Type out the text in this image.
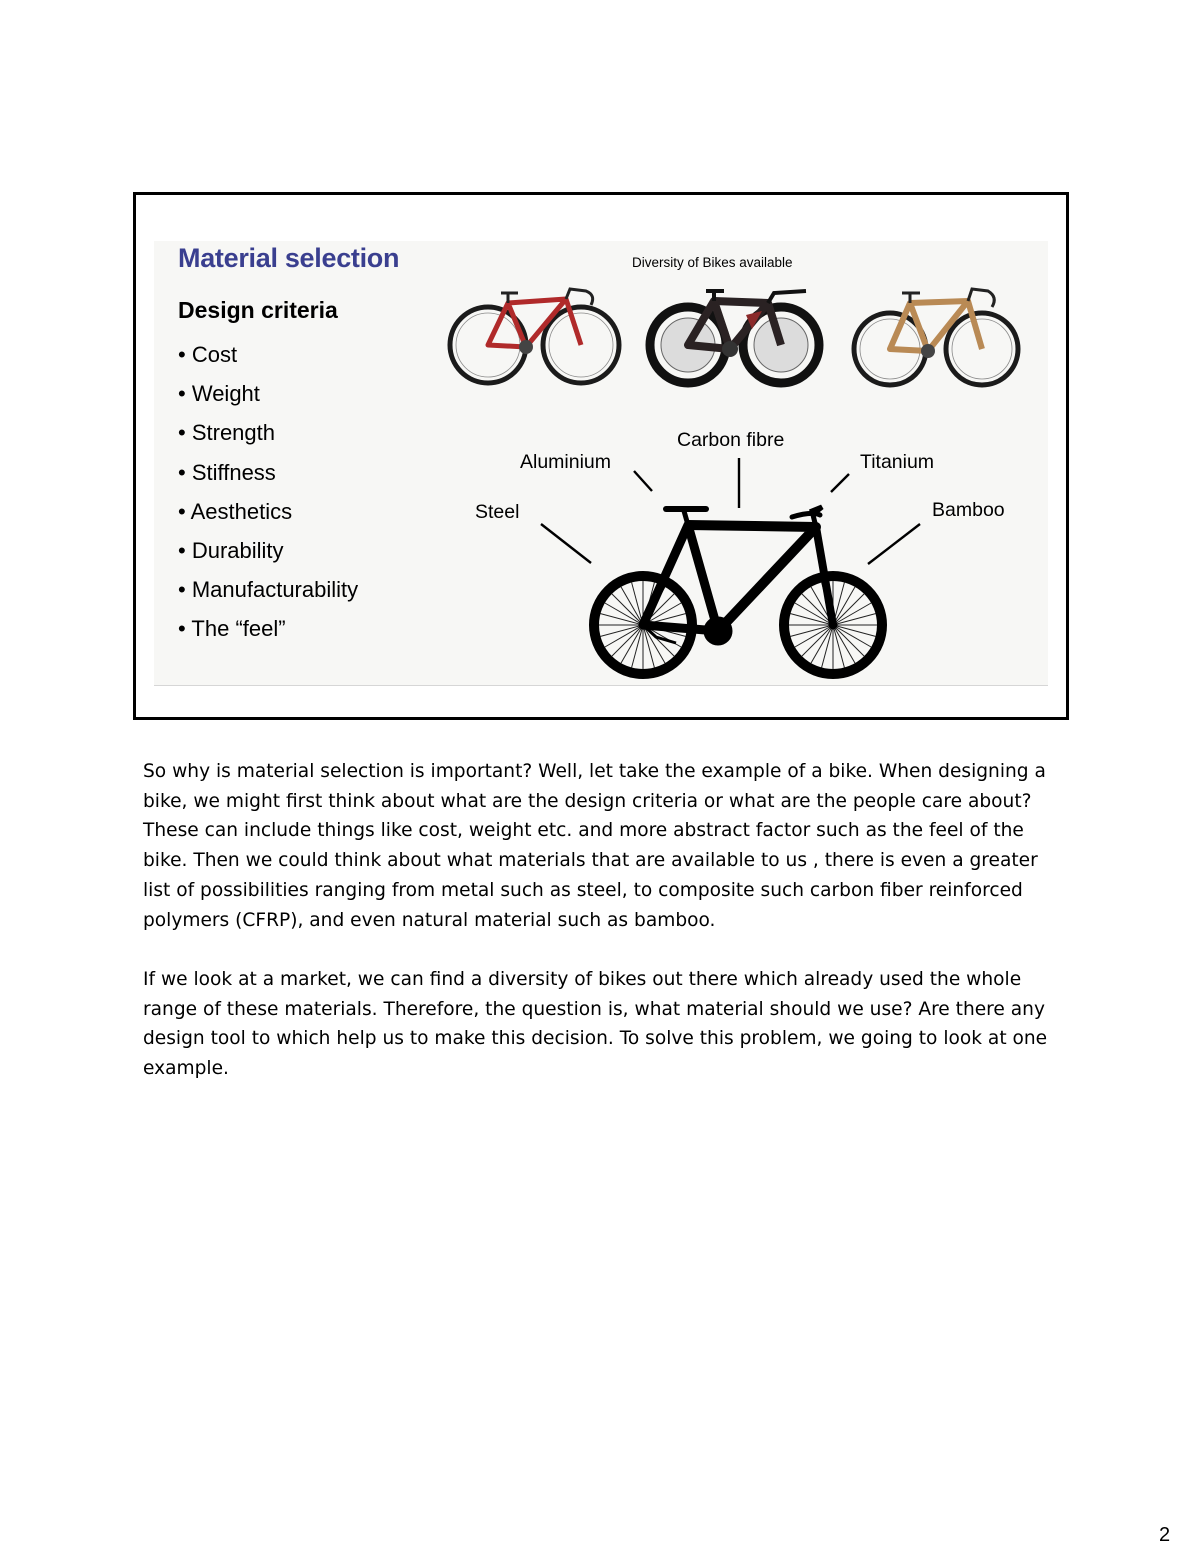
Material selection
Design criteria
• Cost
• Weight
• Strength
• Stiffness
• Aesthetics
• Durability
• Manufacturability
• The “feel”
Diversity of Bikes available
Steel
Aluminium
Carbon fibre
Titanium
Bamboo

So why is material selection is important? Well, let take the example of a bike. When designing a bike, we might first think about what are the design criteria or what are the people care about? These can include things like cost, weight etc. and more abstract factor such as the feel of the bike. Then we could think about what materials that are available to us , there is even a greater list of possibilities ranging from metal such as steel, to composite such carbon fiber reinforced polymers (CFRP), and even natural material such as bamboo.

If we look at a market, we can find a diversity of bikes out there which already used the whole range of these materials. Therefore, the question is, what material should we use? Are there any design tool to which help us to make this decision. To solve this problem, we going to look at one example.

2
